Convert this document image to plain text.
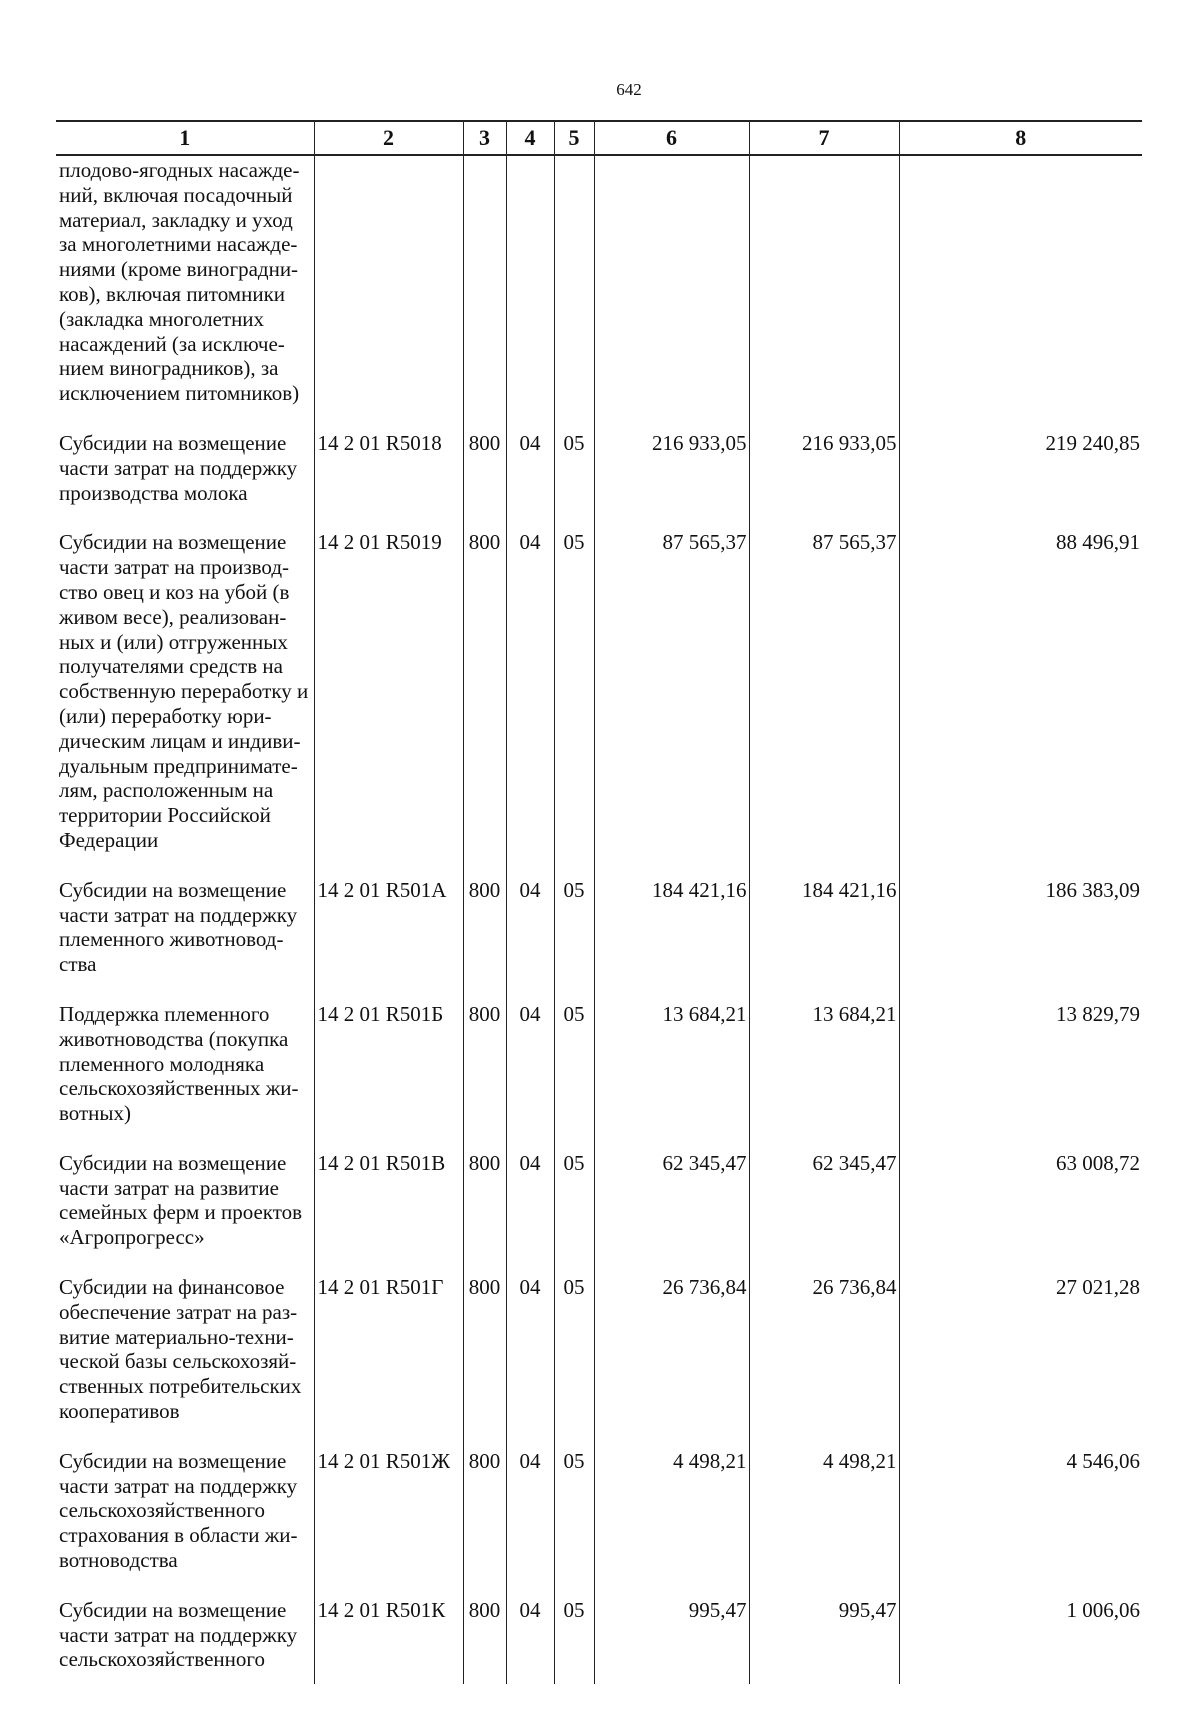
642
1	2	3	4	5	6	7	8
плодово-ягодных насажде-ний, включая посадочный материал, закладку и уход за многолетними насажде-ниями (кроме виноградни-ков), включая питомники (закладка многолетних насаждений (за исключе-нием виноградников), за исключением питомников)							
Субсидии на возмещение части затрат на поддержку производства молока	14 2 01 R5018	800	04	05	216 933,05	216 933,05	219 240,85
Субсидии на возмещение части затрат на производ-ство овец и коз на убой (в живом весе), реализован-ных и (или) отгруженных получателями средств на собственную переработку и (или) переработку юри-дическим лицам и индиви-дуальным предпринимате-лям, расположенным на территории Российской Федерации	14 2 01 R5019	800	04	05	87 565,37	87 565,37	88 496,91
Субсидии на возмещение части затрат на поддержку племенного животновод-ства	14 2 01 R501А	800	04	05	184 421,16	184 421,16	186 383,09
Поддержка племенного животноводства (покупка племенного молодняка сельскохозяйственных жи-вотных)	14 2 01 R501Б	800	04	05	13 684,21	13 684,21	13 829,79
Субсидии на возмещение части затрат на развитие семейных ферм и проектов «Агропрогресс»	14 2 01 R501В	800	04	05	62 345,47	62 345,47	63 008,72
Субсидии на финансовое обеспечение затрат на раз-витие материально-техни-ческой базы сельскохозяй-ственных потребительских кооперативов	14 2 01 R501Г	800	04	05	26 736,84	26 736,84	27 021,28
Субсидии на возмещение части затрат на поддержку сельскохозяйственного страхования в области жи-вотноводства	14 2 01 R501Ж	800	04	05	4 498,21	4 498,21	4 546,06
Субсидии на возмещение части затрат на поддержку сельскохозяйственного	14 2 01 R501К	800	04	05	995,47	995,47	1 006,06
